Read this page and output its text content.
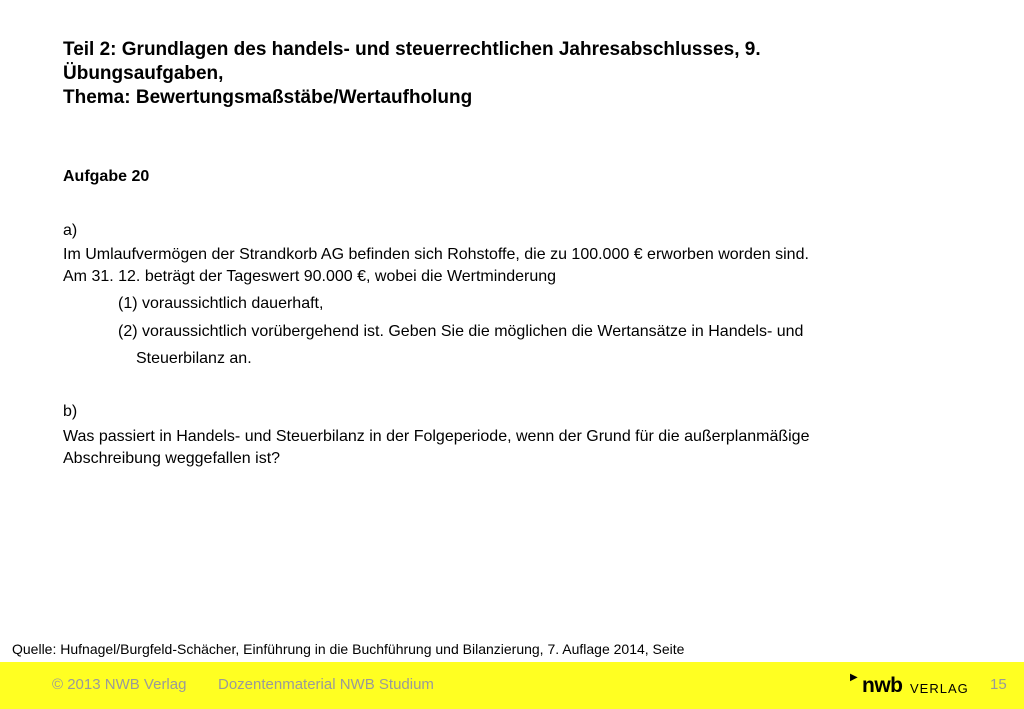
Teil 2: Grundlagen des handels- und steuerrechtlichen Jahresabschlusses, 9.
Übungsaufgaben,
Thema: Bewertungsmaßstäbe/Wertaufholung
Aufgabe 20
a)
Im Umlaufvermögen der Strandkorb AG befinden sich Rohstoffe, die zu 100.000 € erworben worden sind.
Am 31. 12. beträgt der Tageswert 90.000 €, wobei die Wertminderung
(1) voraussichtlich dauerhaft,
(2) voraussichtlich vorübergehend ist. Geben Sie die möglichen die Wertansätze in Handels- und
Steuerbilanz an.
b)
Was passiert in Handels- und Steuerbilanz in der Folgeperiode, wenn der Grund für die außerplanmäßige
Abschreibung weggefallen ist?
Quelle: Hufnagel/Burgfeld-Schächer, Einführung in die Buchführung und Bilanzierung, 7. Auflage 2014, Seite
© 2013 NWB Verlag Dozentenmaterial NWB Studium	▶ nwb VERLAG 15
